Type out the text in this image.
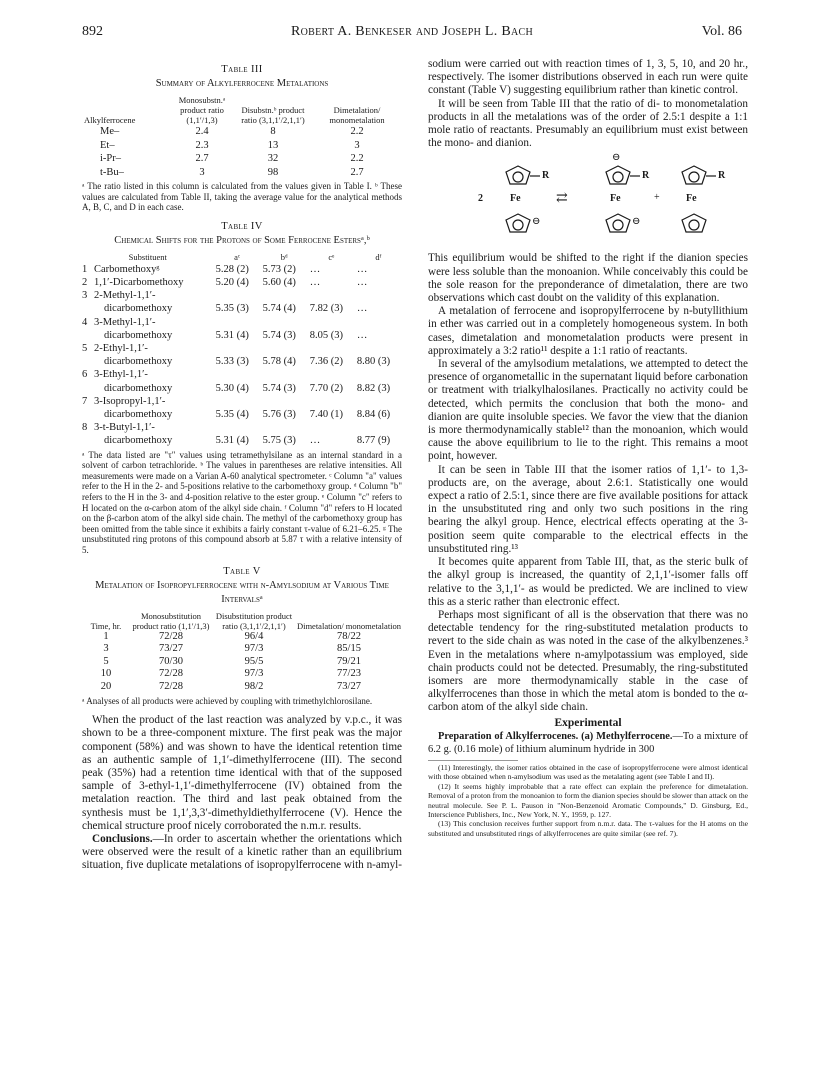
892	Robert A. Benkeser and Joseph L. Bach	Vol. 86
Table III
Summary of Alkylferrocene Metalations
Alkylferrocene	Monosubstn.ᵃ product ratio (1,1′/1,3)	Disubstn.ᵇ product ratio (3,1,1′/2,1,1′)	Dimetalation/ monometalation
Me–	2.4	8	2.2
Et–	2.3	13	3
i-Pr–	2.7	32	2.2
t-Bu–	3	98	2.7

ᵃ The ratio listed in this column is calculated from the values given in Table I. ᵇ These values are calculated from Table II, taking the average value for the analytical methods A, B, C, and D in each case.

Table IV
Chemical Shifts for the Protons of Some Ferrocene Estersᵃ,ᵇ
Substituent		aᶜ	bᵈ	cᵉ	dᶠ
1	Carbomethoxyᵍ	5.28 (2)	5.73 (2)	…	…
2	1,1′-Dicarbomethoxy	5.20 (4)	5.60 (4)	…	…
3	2-Methyl-1,1′-				
	dicarbomethoxy	5.35 (3)	5.74 (4)	7.82 (3)	…
4	3-Methyl-1,1′-				
	dicarbomethoxy	5.31 (4)	5.74 (3)	8.05 (3)	…
5	2-Ethyl-1,1′-				
	dicarbomethoxy	5.33 (3)	5.78 (4)	7.36 (2)	8.80 (3)
6	3-Ethyl-1,1′-				
	dicarbomethoxy	5.30 (4)	5.74 (3)	7.70 (2)	8.82 (3)
7	3-Isopropyl-1,1′-				
	dicarbomethoxy	5.35 (4)	5.76 (3)	7.40 (1)	8.84 (6)
8	3-t-Butyl-1,1′-				
	dicarbomethoxy	5.31 (4)	5.75 (3)	…	8.77 (9)

ᵃ The data listed are "τ" values using tetramethylsilane as an internal standard in a solvent of carbon tetrachloride. ᵇ The values in parentheses are relative intensities. All measurements were made on a Varian A-60 analytical spectrometer. ᶜ Column "a" values refer to the H in the 2- and 5-positions relative to the carbomethoxy group. ᵈ Column "b" refers to the H in the 3- and 4-position relative to the ester group. ᵉ Column "c" refers to H located on the α-carbon atom of the alkyl side chain. ᶠ Column "d" refers to H located on the β-carbon atom of the alkyl side chain. The methyl of the carbomethoxy group has been omitted from the table since it exhibits a fairly constant τ-value of 6.21–6.25. ᵍ The unsubstituted ring protons of this compound absorb at 5.87 τ with a relative intensity of 5.

Table V
Metalation of Isopropylferrocene with n-Amylsodium at Various Time Intervalsᵃ
Time, hr.	Monosubstitution product ratio (1,1′/1,3)	Disubstitution product ratio (3,1,1′/2,1,1′)	Dimetalation/ monometalation
1	72/28	96/4	78/22
3	73/27	97/3	85/15
5	70/30	95/5	79/21
10	72/28	97/3	77/23
20	72/28	98/2	73/27

ᵃ Analyses of all products were achieved by coupling with trimethylchlorosilane.

When the product of the last reaction was analyzed by v.p.c., it was shown to be a three-component mixture. The first peak was the major component (58%) and was shown to have the identical retention time as an authentic sample of 1,1′-dimethylferrocene (III). The second peak (35%) had a retention time identical with that of the supposed sample of 3-ethyl-1,1′-dimethylferrocene (IV) obtained from the metalation reaction. The third and last peak obtained from the synthesis must be 1,1′,3,3′-dimethyldiethylferrocene (V). Hence the chemical structure proof nicely corroborated the n.m.r. results.

Conclusions.—In order to ascertain whether the orientations which were observed were the result of a kinetic rather than an equilibrium situation, five duplicate metalations of isopropylferrocene with n-amyl-

sodium were carried out with reaction times of 1, 3, 5, 10, and 20 hr., respectively. The isomer distributions observed in each run were quite constant (Table V) suggesting equilibrium rather than kinetic control.

It will be seen from Table III that the ratio of di- to monometalation products in all the metalations was of the order of 2.5:1 despite a 1:1 mole ratio of reactants. Presumably an equilibrium must exist between the mono- and dianion.

R	R	R
⊖
⊖	⊖
2	Fe	⇄	Fe	+	Fe

This equilibrium would be shifted to the right if the dianion species were less soluble than the monoanion. While conceivably this could be the sole reason for the preponderance of dimetalation, there are two observations which cast doubt on the validity of this explanation.

A metalation of ferrocene and isopropylferrocene by n-butyllithium in ether was carried out in a completely homogeneous system. In both cases, dimetalation and monometalation products were present in approximately a 3:2 ratio¹¹ despite a 1:1 ratio of reactants.

In several of the amylsodium metalations, we attempted to detect the presence of organometallic in the supernatant liquid before carbonation or treatment with trialkylhalosilanes. Practically no activity could be detected, which permits the conclusion that both the mono- and dianion are quite insoluble species. We favor the view that the dianion is more thermodynamically stable¹² than the monoanion, which would cause the above equilibrium to lie to the right. This remains a moot point, however.

It can be seen in Table III that the isomer ratios of 1,1′- to 1,3-products are, on the average, about 2.6:1. Statistically one would expect a ratio of 2.5:1, since there are five available positions for attack in the unsubstituted ring and only two such positions in the ring bearing the alkyl group. Hence, electrical effects operating at the 3-position seem quite comparable to the electrical effects in the unsubstituted ring.¹³

It becomes quite apparent from Table III, that, as the steric bulk of the alkyl group is increased, the quantity of 2,1,1′-isomer falls off relative to the 3,1,1′- as would be predicted. We are inclined to view this as a steric rather than electronic effect.

Perhaps most significant of all is the observation that there was no detectable tendency for the ring-substituted metalation products to revert to the side chain as was noted in the case of the alkylbenzenes.³ Even in the metalations where n-amylpotassium was employed, side chain products could not be detected. Presumably, the ring-substituted isomers are more thermodynamically stable in the case of alkylferrocenes than those in which the metal atom is bonded to the α-carbon atom of the alkyl side chain.

Experimental

Preparation of Alkylferrocenes. (a) Methylferrocene.—To a mixture of 6.2 g. (0.16 mole) of lithium aluminum hydride in 300

(11) Interestingly, the isomer ratios obtained in the case of isopropylferrocene were almost identical with those obtained when n-amylsodium was used as the metalating agent (see Table I and II).

(12) It seems highly improbable that a rate effect can explain the preference for dimetalation. Removal of a proton from the monoanion to form the dianion species should be slower than attack on the neutral molecule. See P. L. Pauson in "Non-Benzenoid Aromatic Compounds," D. Ginsburg, Ed., Interscience Publishers, Inc., New York, N. Y., 1959, p. 127.

(13) This conclusion receives further support from n.m.r. data. The τ-values for the H atoms on the substituted and unsubstituted rings of alkylferrocenes are quite similar (see ref. 7).
